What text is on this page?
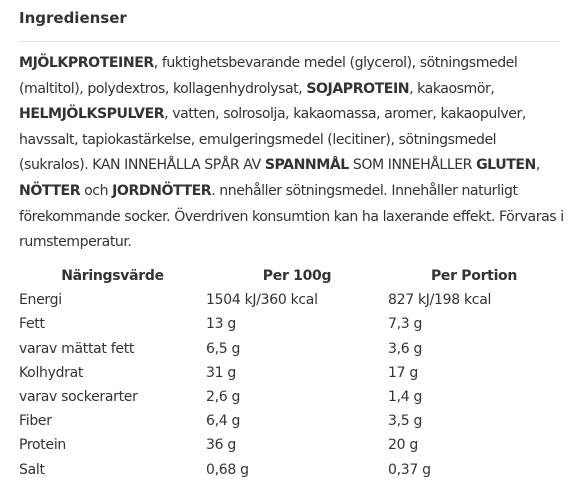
Ingredienser
MJÖLKPROTEINER, fuktighetsbevarande medel (glycerol), sötningsmedel (maltitol), polydextros, kollagenhydrolysat, SOJAPROTEIN, kakaosmör, HELMJÖLKSPULVER, vatten, solrosolja, kakaomassa, aromer, kakaopulver, havssalt, tapiokastärkelse, emulgeringsmedel (lecitiner), sötningsmedel (sukralos). KAN INNEHÅLLA SPÅR AV SPANNMÅL SOM INNEHÅLLER GLUTEN, NÖTTER och JORDNÖTTER. nnehåller sötningsmedel. Innehåller naturligt förekommande socker. Överdriven konsumtion kan ha laxerande effekt. Förvaras i rumstemperatur.
Näringsvärde	Per 100g	Per Portion
Energi	1504 kJ/360 kcal	827 kJ/198 kcal
Fett	13 g	7,3 g
varav mättat fett	6,5 g	3,6 g
Kolhydrat	31 g	17 g
varav sockerarter	2,6 g	1,4 g
Fiber	6,4 g	3,5 g
Protein	36 g	20 g
Salt	0,68 g	0,37 g
